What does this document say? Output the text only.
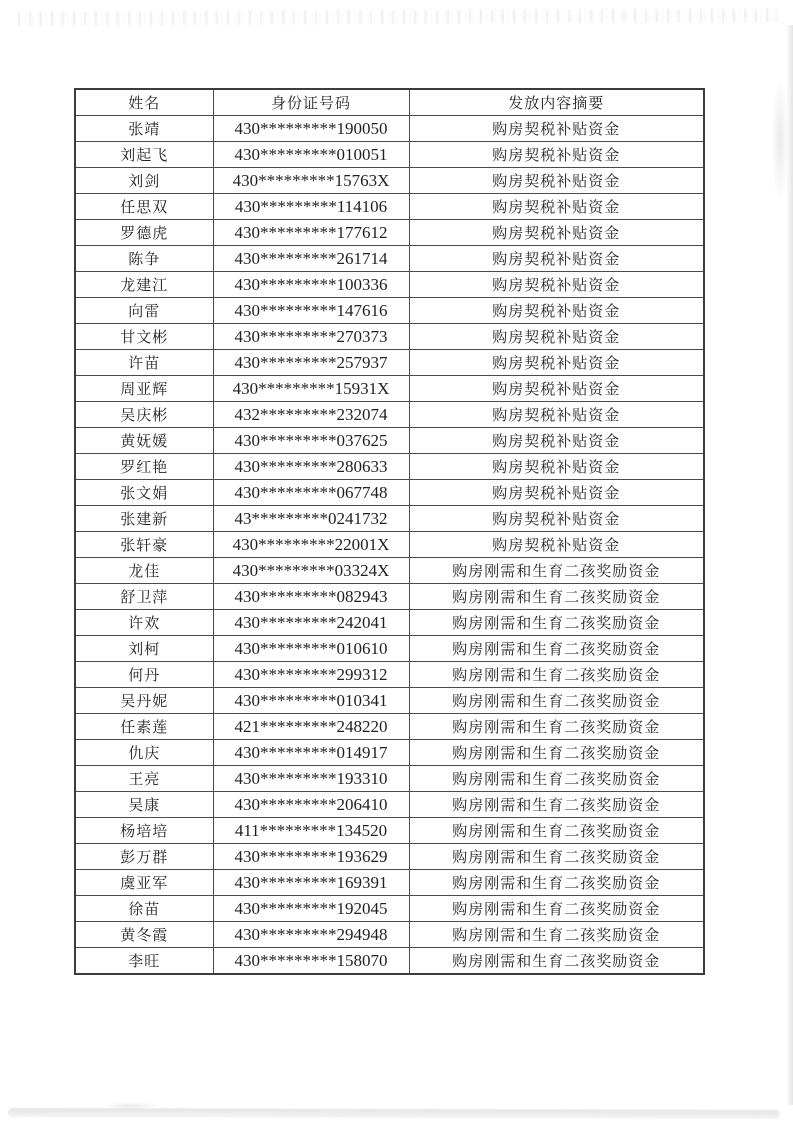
姓名	身份证号码	发放内容摘要
张靖	430*********190050	购房契税补贴资金
刘起飞	430*********010051	购房契税补贴资金
刘剑	430*********15763X	购房契税补贴资金
任思双	430*********114106	购房契税补贴资金
罗德虎	430*********177612	购房契税补贴资金
陈争	430*********261714	购房契税补贴资金
龙建江	430*********100336	购房契税补贴资金
向雷	430*********147616	购房契税补贴资金
甘文彬	430*********270373	购房契税补贴资金
许苗	430*********257937	购房契税补贴资金
周亚辉	430*********15931X	购房契税补贴资金
吴庆彬	432*********232074	购房契税补贴资金
黄妩媛	430*********037625	购房契税补贴资金
罗红艳	430*********280633	购房契税补贴资金
张文娟	430*********067748	购房契税补贴资金
张建新	43*********0241732	购房契税补贴资金
张轩豪	430*********22001X	购房契税补贴资金
龙佳	430*********03324X	购房刚需和生育二孩奖励资金
舒卫萍	430*********082943	购房刚需和生育二孩奖励资金
许欢	430*********242041	购房刚需和生育二孩奖励资金
刘柯	430*********010610	购房刚需和生育二孩奖励资金
何丹	430*********299312	购房刚需和生育二孩奖励资金
吴丹妮	430*********010341	购房刚需和生育二孩奖励资金
任素莲	421*********248220	购房刚需和生育二孩奖励资金
仇庆	430*********014917	购房刚需和生育二孩奖励资金
王亮	430*********193310	购房刚需和生育二孩奖励资金
吴康	430*********206410	购房刚需和生育二孩奖励资金
杨培培	411*********134520	购房刚需和生育二孩奖励资金
彭万群	430*********193629	购房刚需和生育二孩奖励资金
虞亚军	430*********169391	购房刚需和生育二孩奖励资金
徐苗	430*********192045	购房刚需和生育二孩奖励资金
黄冬霞	430*********294948	购房刚需和生育二孩奖励资金
李旺	430*********158070	购房刚需和生育二孩奖励资金
